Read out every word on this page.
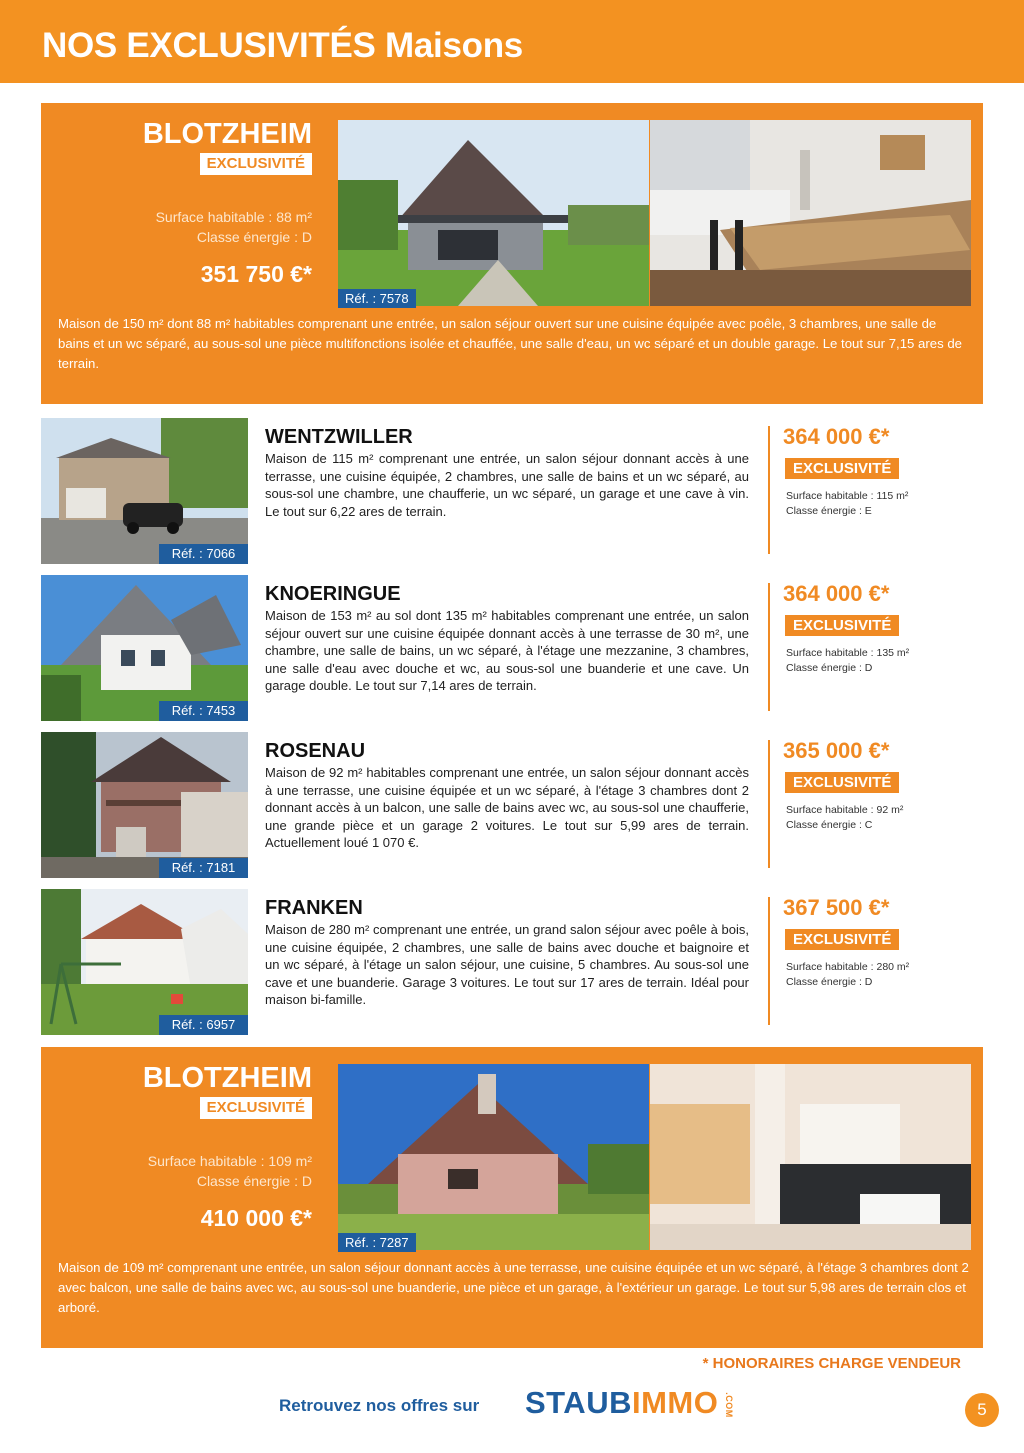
NOS EXCLUSIVITÉS Maisons
BLOTZHEIM
EXCLUSIVITÉ
Surface habitable : 88 m²
Classe énergie : D
351 750 €*
Réf. : 7578

Maison de 150 m² dont 88 m² habitables comprenant une entrée, un salon séjour ouvert sur une cuisine équipée avec poêle, 3 chambres, une salle de bains et un wc séparé, au sous-sol une pièce multifonctions isolée et chauffée, une salle d'eau, un wc séparé et un double garage. Le tout sur 7,15 ares de terrain.

Réf. : 7066
WENTZWILLER

Maison de 115 m² comprenant une entrée, un salon séjour donnant accès à une terrasse, une cuisine équipée, 2 chambres, une salle de bains et un wc séparé, au sous-sol une chambre, une chaufferie, un wc séparé, un garage et une cave à vin. Le tout sur 6,22 ares de terrain.

364 000 €*
EXCLUSIVITÉ
Surface habitable : 115 m²
Classe énergie : E
Réf. : 7453
KNOERINGUE

Maison de 153 m² au sol dont 135 m² habitables comprenant une entrée, un salon séjour ouvert sur une cuisine équipée donnant accès à une terrasse de 30 m², une chambre, une salle de bains, un wc séparé, à l'étage une mezzanine, 3 chambres, une salle d'eau avec douche et wc, au sous-sol une buanderie et une cave. Un garage double. Le tout sur 7,14 ares de terrain.

364 000 €*
EXCLUSIVITÉ
Surface habitable : 135 m²
Classe énergie : D
Réf. : 7181
ROSENAU

Maison de 92 m² habitables comprenant une entrée, un salon séjour donnant accès à une terrasse, une cuisine équipée et un wc séparé, à l'étage 3 chambres dont 2 donnant accès à un balcon, une salle de bains avec wc, au sous-sol une chaufferie, une grande pièce et un garage 2 voitures. Le tout sur 5,99 ares de terrain. Actuellement loué 1 070 €.

365 000 €*
EXCLUSIVITÉ
Surface habitable : 92 m²
Classe énergie : C
Réf. : 6957
FRANKEN

Maison de 280 m² comprenant une entrée, un grand salon séjour avec poêle à bois, une cuisine équipée, 2 chambres, une salle de bains avec douche et baignoire et un wc séparé, à l'étage un salon séjour, une cuisine, 5 chambres. Au sous-sol une cave et une buanderie. Garage 3 voitures. Le tout sur 17 ares de terrain. Idéal pour maison bi-famille.

367 500 €*
EXCLUSIVITÉ
Surface habitable : 280 m²
Classe énergie : D
BLOTZHEIM
EXCLUSIVITÉ
Surface habitable : 109 m²
Classe énergie : D
410 000 €*
Réf. : 7287

Maison de 109 m² comprenant une entrée, un salon séjour donnant accès à une terrasse, une cuisine équipée et un wc séparé, à l'étage 3 chambres dont 2 avec balcon, une salle de bains avec wc, au sous-sol une buanderie, une pièce et un garage, à l'extérieur un garage. Le tout sur 5,98 ares de terrain clos et arboré.

* HONORAIRES CHARGE VENDEUR
Retrouvez nos offres sur STAUBIMMO .COM	5
